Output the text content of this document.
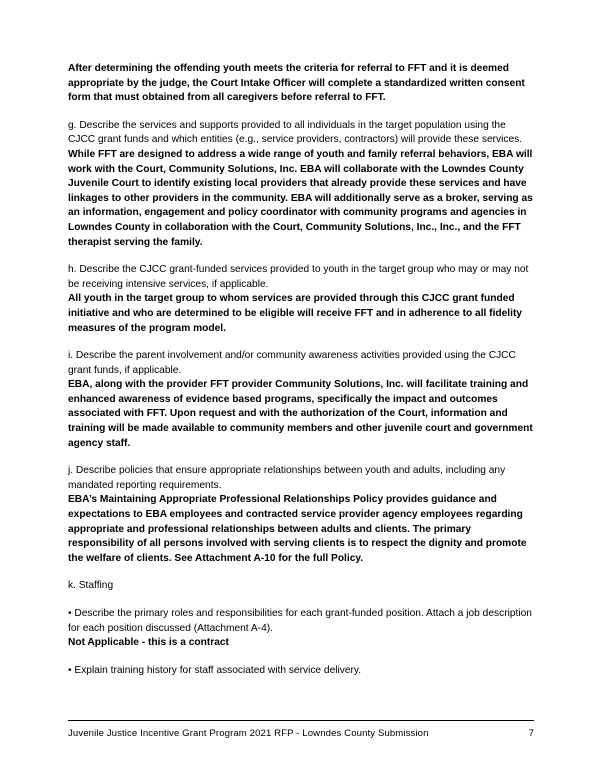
After determining the offending youth meets the criteria for referral to FFT and it is deemed appropriate by the judge, the Court Intake Officer will complete a standardized written consent form that must obtained from all caregivers before referral to FFT.

g. Describe the services and supports provided to all individuals in the target population using the CJCC grant funds and which entities (e.g., service providers, contractors) will provide these services.

While FFT are designed to address a wide range of youth and family referral behaviors, EBA will work with the Court, Community Solutions, Inc. EBA will collaborate with the Lowndes County Juvenile Court to identify existing local providers that already provide these services and have linkages to other providers in the community. EBA will additionally serve as a broker, serving as an information, engagement and policy coordinator with community programs and agencies in Lowndes County in collaboration with the Court, Community Solutions, Inc., Inc., and the FFT therapist serving the family.

h. Describe the CJCC grant-funded services provided to youth in the target group who may or may not be receiving intensive services, if applicable.

All youth in the target group to whom services are provided through this CJCC grant funded initiative and who are determined to be eligible will receive FFT and in adherence to all fidelity measures of the program model.

i. Describe the parent involvement and/or community awareness activities provided using the CJCC grant funds, if applicable.

EBA, along with the provider FFT provider Community Solutions, Inc. will facilitate training and enhanced awareness of evidence based programs, specifically the impact and outcomes associated with FFT. Upon request and with the authorization of the Court, information and training will be made available to community members and other juvenile court and government agency staff.

j. Describe policies that ensure appropriate relationships between youth and adults, including any mandated reporting requirements.

EBA’s Maintaining Appropriate Professional Relationships Policy provides guidance and expectations to EBA employees and contracted service provider agency employees regarding appropriate and professional relationships between adults and clients. The primary responsibility of all persons involved with serving clients is to respect the dignity and promote the welfare of clients. See Attachment A-10 for the full Policy.

k. Staffing

• Describe the primary roles and responsibilities for each grant-funded position. Attach a job description for each position discussed (Attachment A-4).

Not Applicable - this is a contract

• Explain training history for staff associated with service delivery.

Juvenile Justice Incentive Grant Program 2021 RFP - Lowndes County Submission	7
